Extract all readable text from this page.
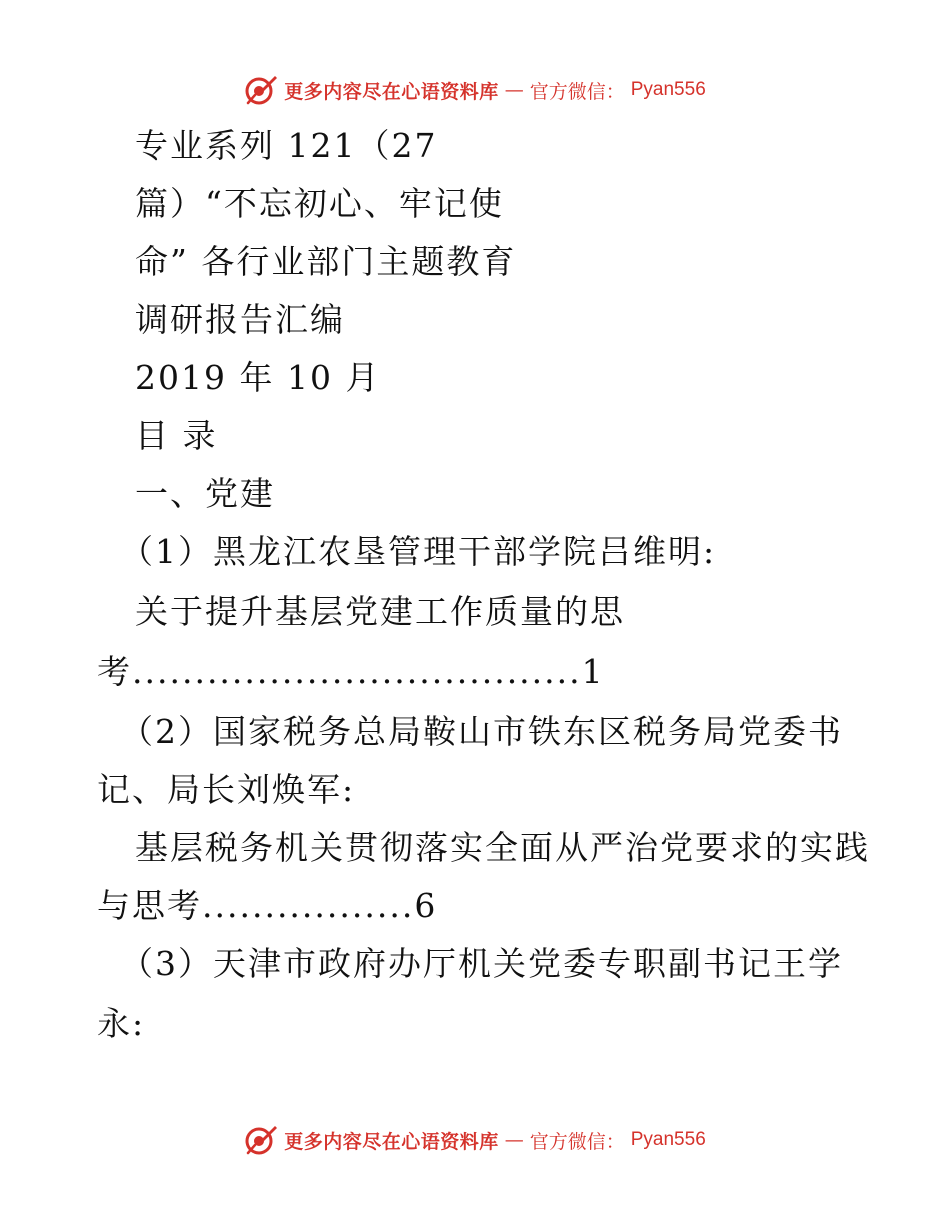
更多内容尽在心语资料库 — 官方微信： Pyan556
专业系列 121（27
篇）“不忘初心、牢记使
命” 各行业部门主题教育
调研报告汇编
2019 年 10 月
目 录
一、党建
（1）黑龙江农垦管理干部学院吕维明:
关于提升基层党建工作质量的思
考....................................1
（2）国家税务总局鞍山市铁东区税务局党委书
记、局长刘焕军:
基层税务机关贯彻落实全面从严治党要求的实践
与思考.................6
（3）天津市政府办厅机关党委专职副书记王学
永:
更多内容尽在心语资料库 — 官方微信： Pyan556
